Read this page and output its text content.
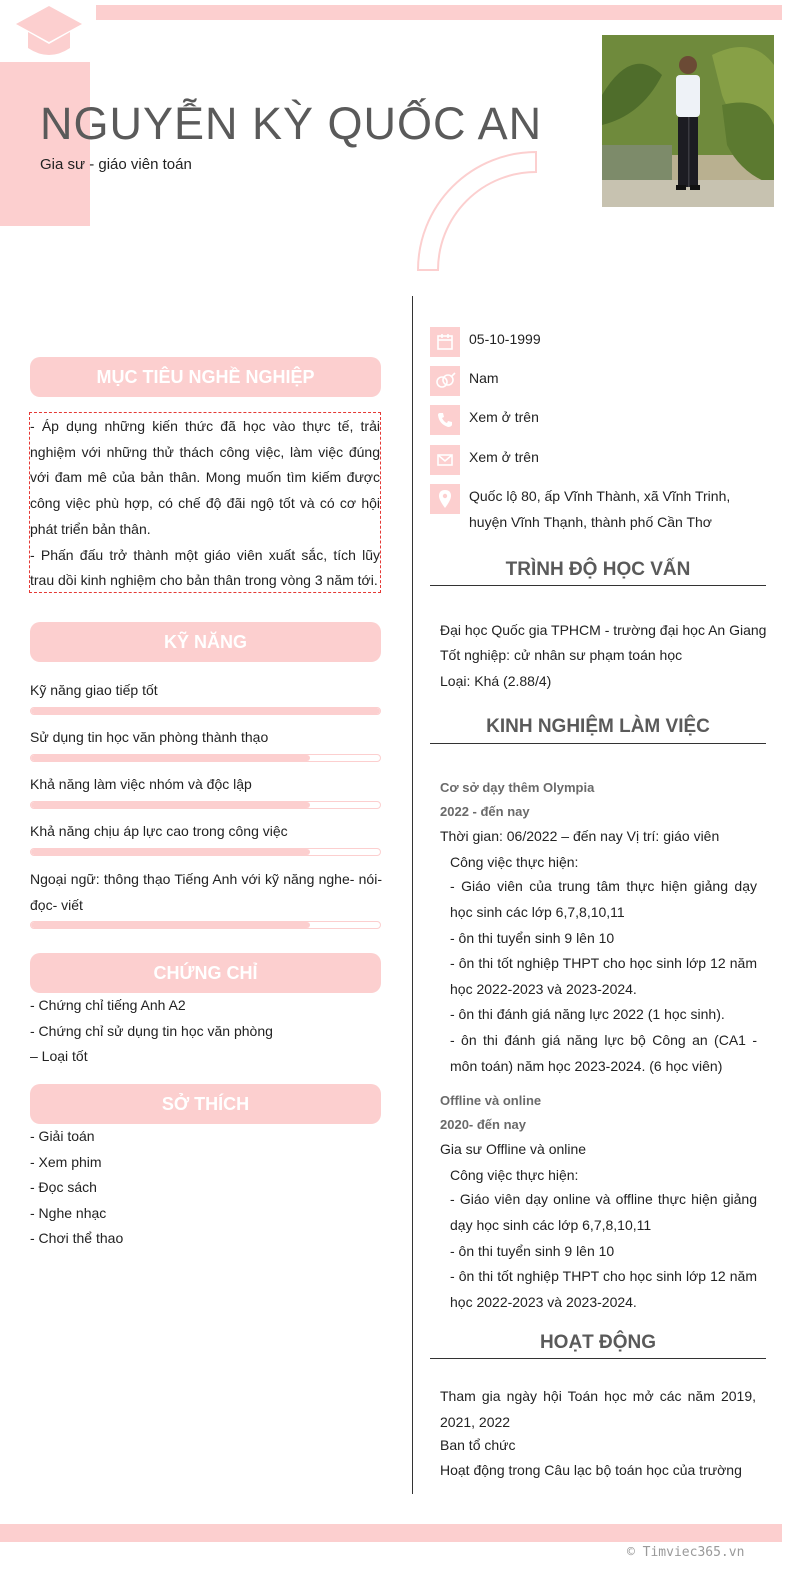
NGUYỄN KỲ QUỐC AN
Gia sư - giáo viên toán
MỤC TIÊU NGHỀ NGHIỆP

- Áp dụng những kiến thức đã học vào thực tế, trải nghiệm với những thử thách công việc, làm việc đúng với đam mê của bản thân. Mong muốn tìm kiếm được công việc phù hợp, có chế độ đãi ngộ tốt và có cơ hội phát triển bản thân.

- Phấn đấu trở thành một giáo viên xuất sắc, tích lũy trau dồi kinh nghiệm cho bản thân trong vòng 3 năm tới.

KỸ NĂNG
Kỹ năng giao tiếp tốt
Sử dụng tin học văn phòng thành thạo
Khả năng làm việc nhóm và độc lập
Khả năng chịu áp lực cao trong công việc
Ngoại ngữ: thông thạo Tiếng Anh với kỹ năng nghe- nói- đọc- viết
CHỨNG CHỈ
- Chứng chỉ tiếng Anh A2
- Chứng chỉ sử dụng tin học văn phòng
– Loại tốt
SỞ THÍCH
- Giải toán
- Xem phim
- Đọc sách
- Nghe nhạc
- Chơi thể thao
05-10-1999
Nam
Xem ở trên
Xem ở trên
Quốc lộ 80, ấp Vĩnh Thành, xã Vĩnh Trinh,
huyện Vĩnh Thạnh, thành phố Cần Thơ
TRÌNH ĐỘ HỌC VẤN
Đại học Quốc gia TPHCM - trường đại học An Giang
Tốt nghiệp: cử nhân sư phạm toán học
Loại: Khá (2.88/4)
KINH NGHIỆM LÀM VIỆC
Cơ sở dạy thêm Olympia
2022 - đến nay
Thời gian: 06/2022 – đến nay Vị trí: giáo viên
Công việc thực hiện:
- Giáo viên của trung tâm thực hiện giảng dạy học sinh các lớp 6,7,8,10,11
- ôn thi tuyển sinh 9 lên 10
- ôn thi tốt nghiệp THPT cho học sinh lớp 12 năm học 2022-2023 và 2023-2024.
- ôn thi đánh giá năng lực 2022 (1 học sinh).
- ôn thi đánh giá năng lực bộ Công an (CA1 - môn toán) năm học 2023-2024. (6 học viên)
Offline và online
2020- đến nay
Gia sư Offline và online
Công việc thực hiện:
- Giáo viên dạy online và offline thực hiện giảng dạy học sinh các lớp 6,7,8,10,11
- ôn thi tuyển sinh 9 lên 10
- ôn thi tốt nghiệp THPT cho học sinh lớp 12 năm học 2022-2023 và 2023-2024.
HOẠT ĐỘNG
Tham gia ngày hội Toán học mở các năm 2019, 2021, 2022
Ban tổ chức
Hoạt động trong Câu lạc bộ toán học của trường
© Timviec365.vn
